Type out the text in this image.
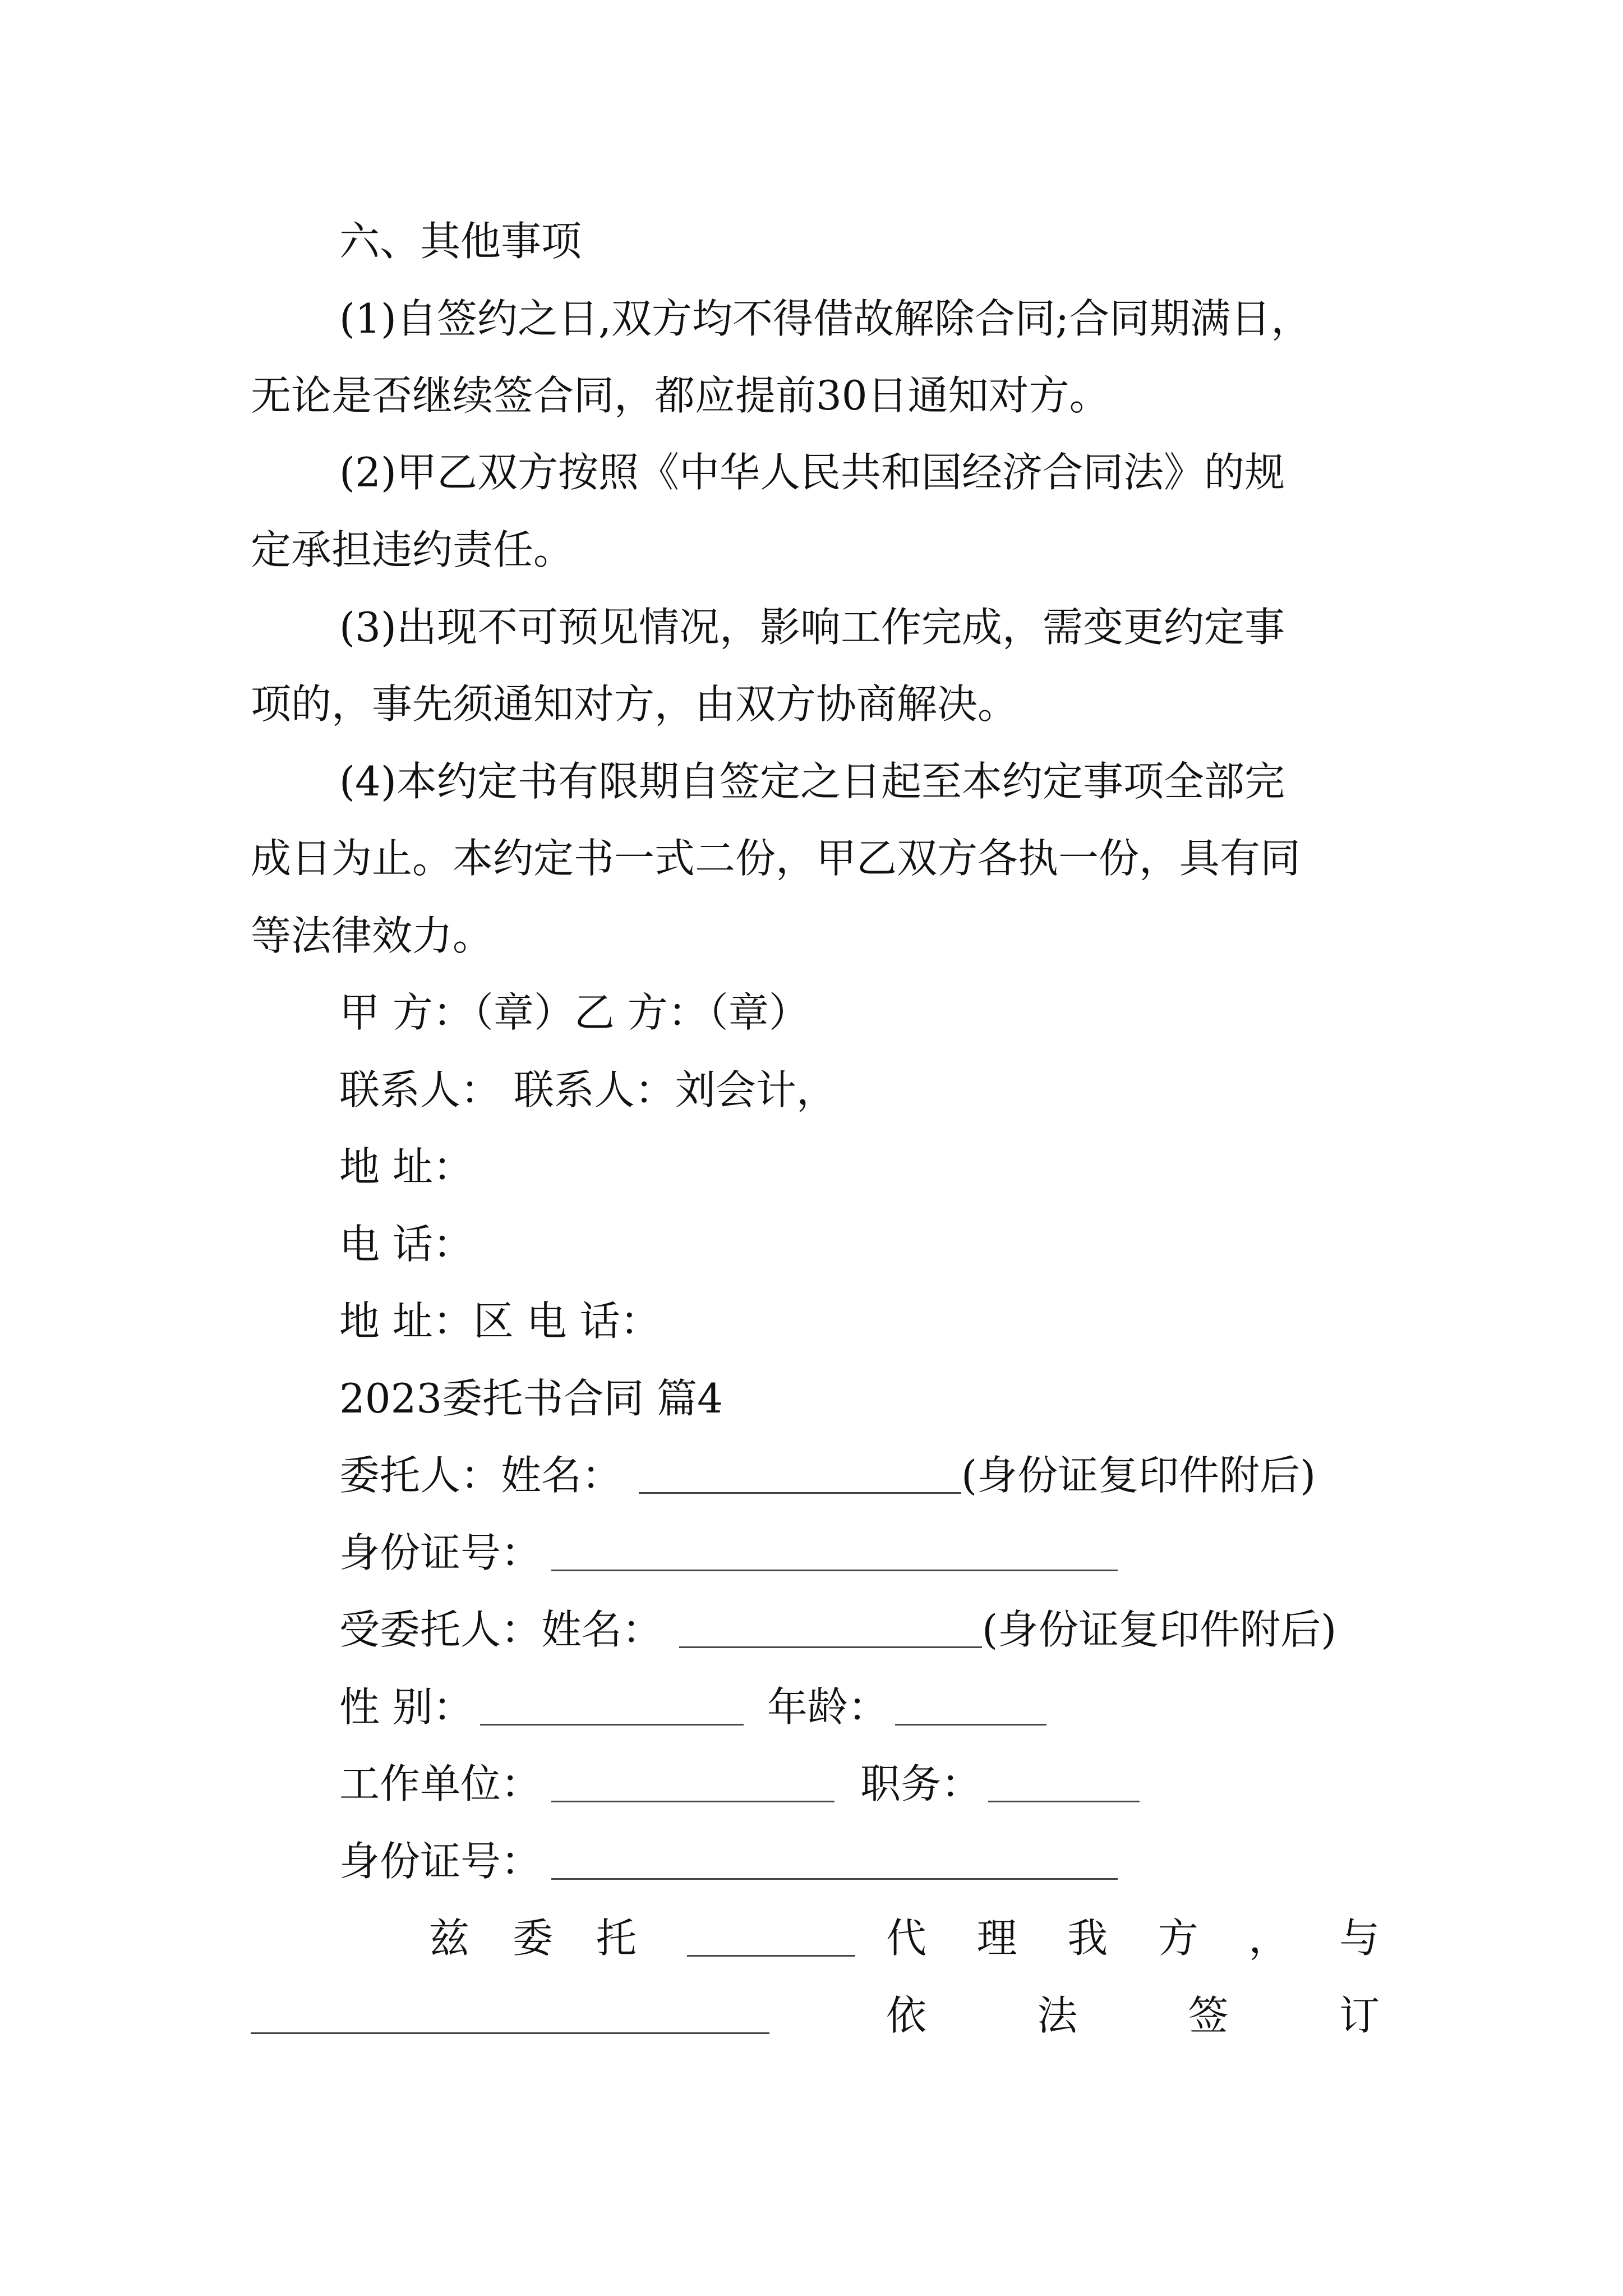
六、其他事项
(1)自签约之日,双方均不得借故解除合同;合同期满日，
无论是否继续签合同，都应提前30日通知对方。
(2)甲乙双方按照《中华人民共和国经济合同法》的规
定承担违约责任。
(3)出现不可预见情况，影响工作完成，需变更约定事
项的，事先须通知对方，由双方协商解决。
(4)本约定书有限期自签定之日起至本约定事项全部完
成日为止。本约定书一式二份，甲乙双方各执一份，具有同
等法律效力。
甲 方：（章）乙 方：（章）
联系人： 联系人：刘会计，
地 址：
电 话：
地 址：区 电 话：
2023委托书合同 篇4
委托人：姓名：	(身份证复印件附后)
身份证号：
受委托人：姓名：	(身份证复印件附后)
性 别：	年龄：
工作单位：	职务：
身份证号：
兹 委 托	代 理 我 方 ， 与
依	法	签	订
